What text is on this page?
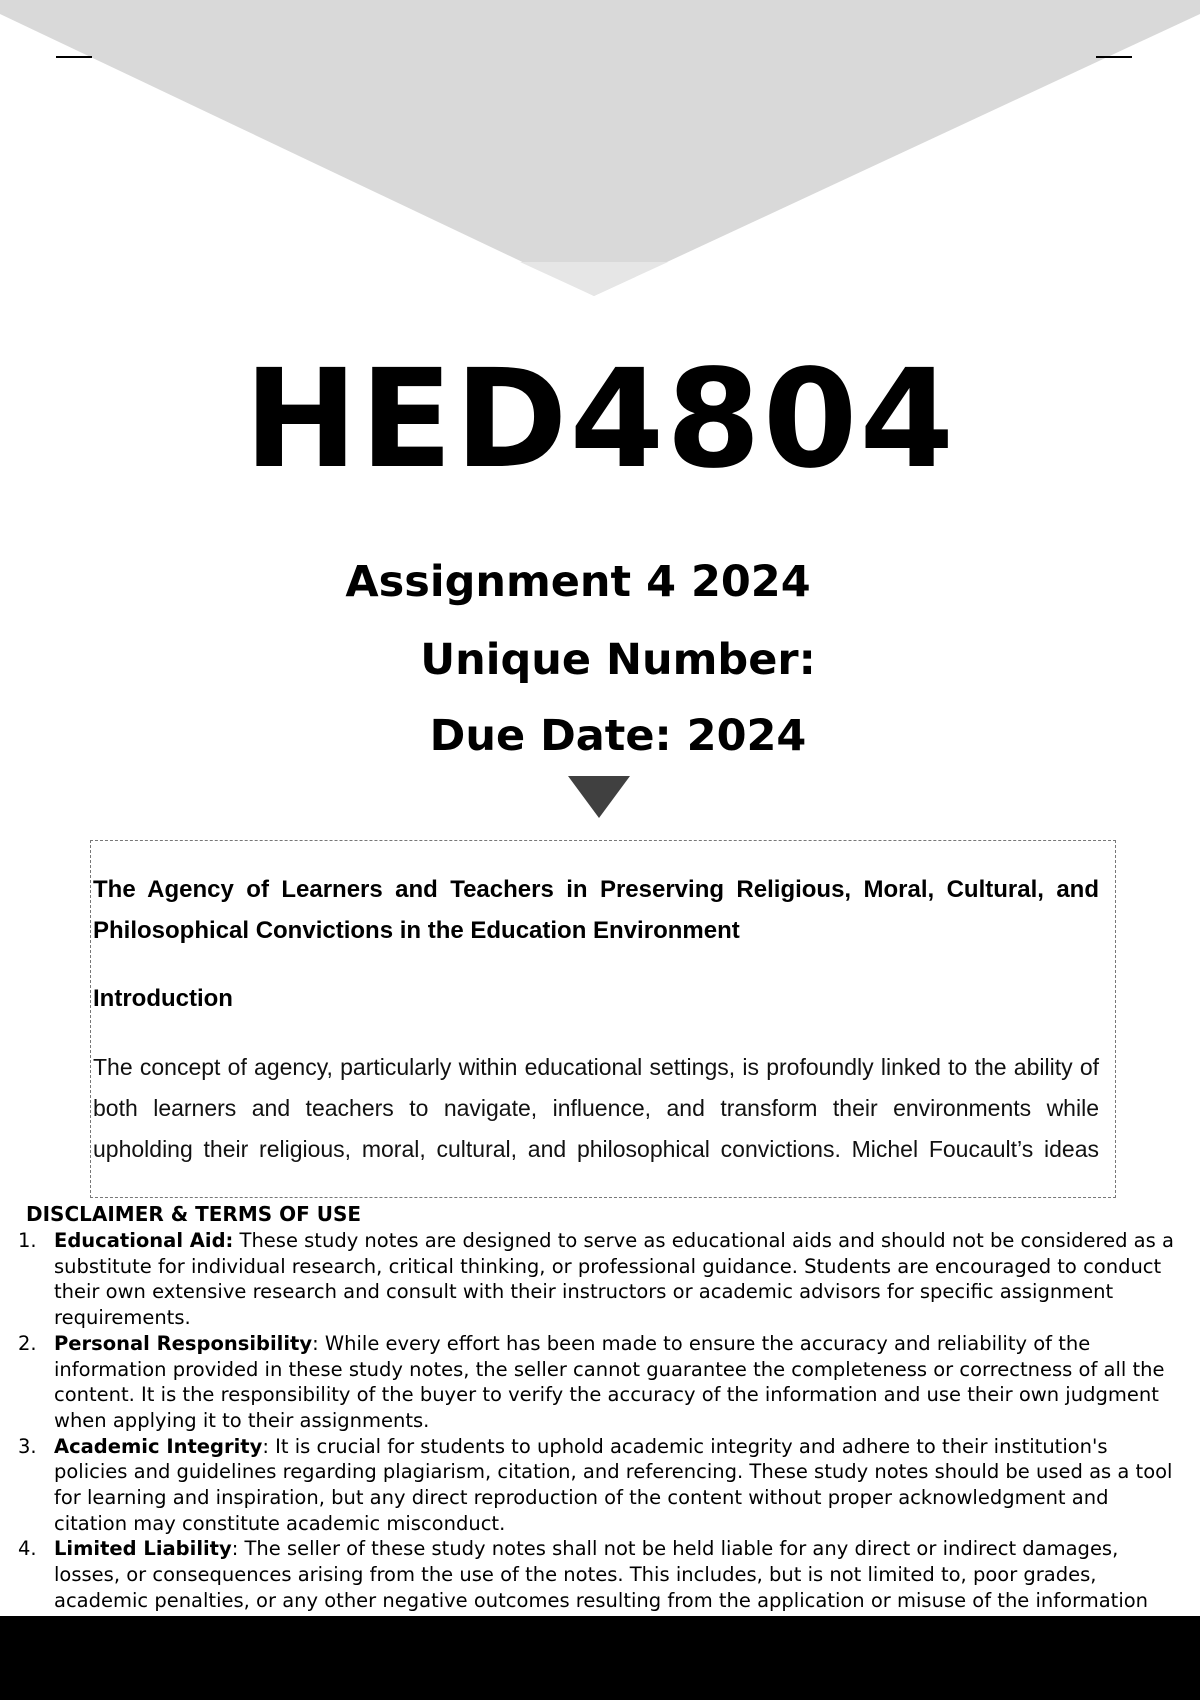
HED4804
Assignment 4 2024
Unique Number:
Due Date: 2024
The Agency of Learners and Teachers in Preserving Religious, Moral, Cultural, and Philosophical Convictions in the Education Environment
Introduction
The concept of agency, particularly within educational settings, is profoundly linked to the ability of both learners and teachers to navigate, influence, and transform their environments while upholding their religious, moral, cultural, and philosophical convictions. Michel Foucault’s ideas
DISCLAIMER & TERMS OF USE
1. Educational Aid: These study notes are designed to serve as educational aids and should not be considered as a substitute for individual research, critical thinking, or professional guidance. Students are encouraged to conduct their own extensive research and consult with their instructors or academic advisors for specific assignment requirements.
2. Personal Responsibility: While every effort has been made to ensure the accuracy and reliability of the information provided in these study notes, the seller cannot guarantee the completeness or correctness of all the content. It is the responsibility of the buyer to verify the accuracy of the information and use their own judgment when applying it to their assignments.
3. Academic Integrity: It is crucial for students to uphold academic integrity and adhere to their institution's policies and guidelines regarding plagiarism, citation, and referencing. These study notes should be used as a tool for learning and inspiration, but any direct reproduction of the content without proper acknowledgment and citation may constitute academic misconduct.
4. Limited Liability: The seller of these study notes shall not be held liable for any direct or indirect damages, losses, or consequences arising from the use of the notes. This includes, but is not limited to, poor grades, academic penalties, or any other negative outcomes resulting from the application or misuse of the information
